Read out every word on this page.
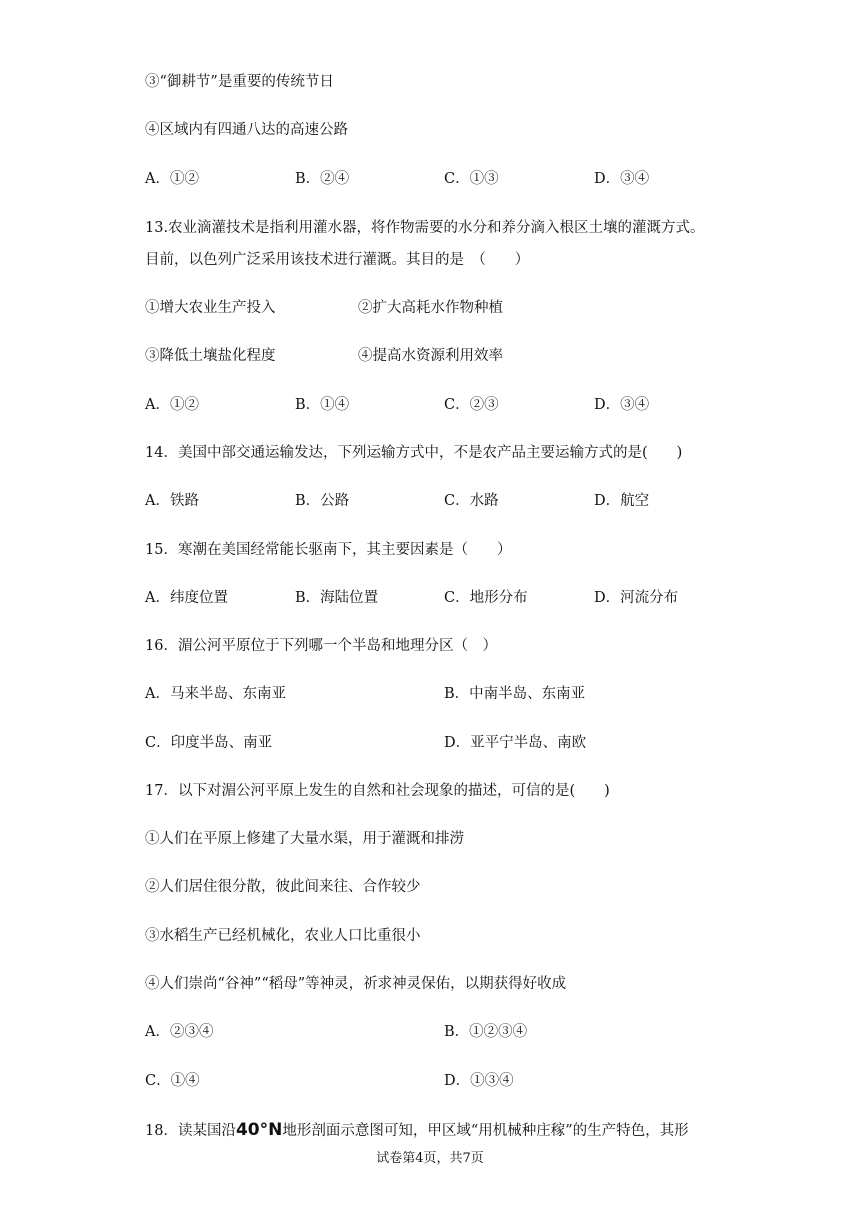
③“御耕节”是重要的传统节日
④区域内有四通八达的高速公路
A．①②	B．②④	C．①③	D．③④
13.农业滴灌技术是指利用灌水器，将作物需要的水分和养分滴入根区土壤的灌溉方式。
目前，以色列广泛采用该技术进行灌溉。其目的是　（　　）
①增大农业生产投入	②扩大高耗水作物种植
③降低土壤盐化程度	④提高水资源利用效率
A．①②	B．①④	C．②③	D．③④
14．美国中部交通运输发达，下列运输方式中，不是农产品主要运输方式的是(　　)
A．铁路	B．公路	C．水路	D．航空
15．寒潮在美国经常能长驱南下，其主要因素是（　　）
A．纬度位置	B．海陆位置	C．地形分布	D．河流分布
16．湄公河平原位于下列哪一个半岛和地理分区（　）
A．马来半岛、东南亚	B．中南半岛、东南亚
C．印度半岛、南亚	D．亚平宁半岛、南欧
17．以下对湄公河平原上发生的自然和社会现象的描述，可信的是(　　)
①人们在平原上修建了大量水渠，用于灌溉和排涝
②人们居住很分散，彼此间来往、合作较少
③水稻生产已经机械化，农业人口比重很小
④人们崇尚“谷神”“稻母”等神灵，祈求神灵保佑，以期获得好收成
A．②③④	B．①②③④
C．①④	D．①③④
18．读某国沿40°N地形剖面示意图可知，甲区域“用机械种庄稼”的生产特色，其形
试卷第4页，共7页
